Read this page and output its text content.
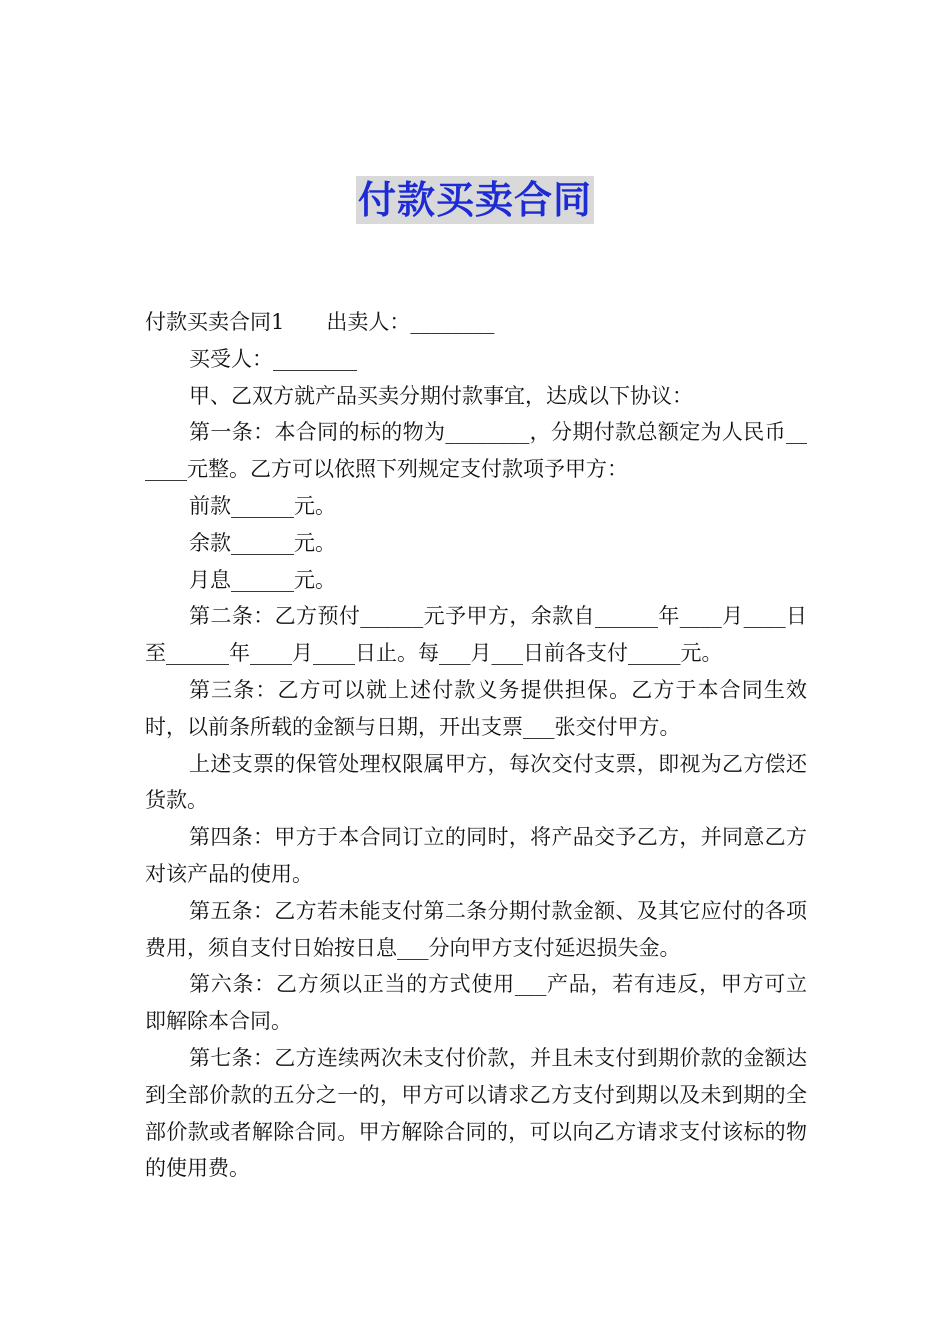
付款买卖合同

付款买卖合同1　　出卖人：________

买受人：________

甲、乙双方就产品买卖分期付款事宜，达成以下协议：

第一条：本合同的标的物为________，分期付款总额定为人民币______元整。乙方可以依照下列规定支付款项予甲方：

前款______元。

余款______元。

月息______元。

第二条：乙方预付______元予甲方，余款自______年____月____日至______年____月____日止。每___月___日前各支付_____元。

第三条：乙方可以就上述付款义务提供担保。乙方于本合同生效时，以前条所载的金额与日期，开出支票___张交付甲方。

上述支票的保管处理权限属甲方，每次交付支票，即视为乙方偿还货款。

第四条：甲方于本合同订立的同时，将产品交予乙方，并同意乙方对该产品的使用。

第五条：乙方若未能支付第二条分期付款金额、及其它应付的各项费用，须自支付日始按日息___分向甲方支付延迟损失金。

第六条：乙方须以正当的方式使用___产品，若有违反，甲方可立即解除本合同。

第七条：乙方连续两次未支付价款，并且未支付到期价款的金额达到全部价款的五分之一的，甲方可以请求乙方支付到期以及未到期的全部价款或者解除合同。甲方解除合同的，可以向乙方请求支付该标的物的使用费。
